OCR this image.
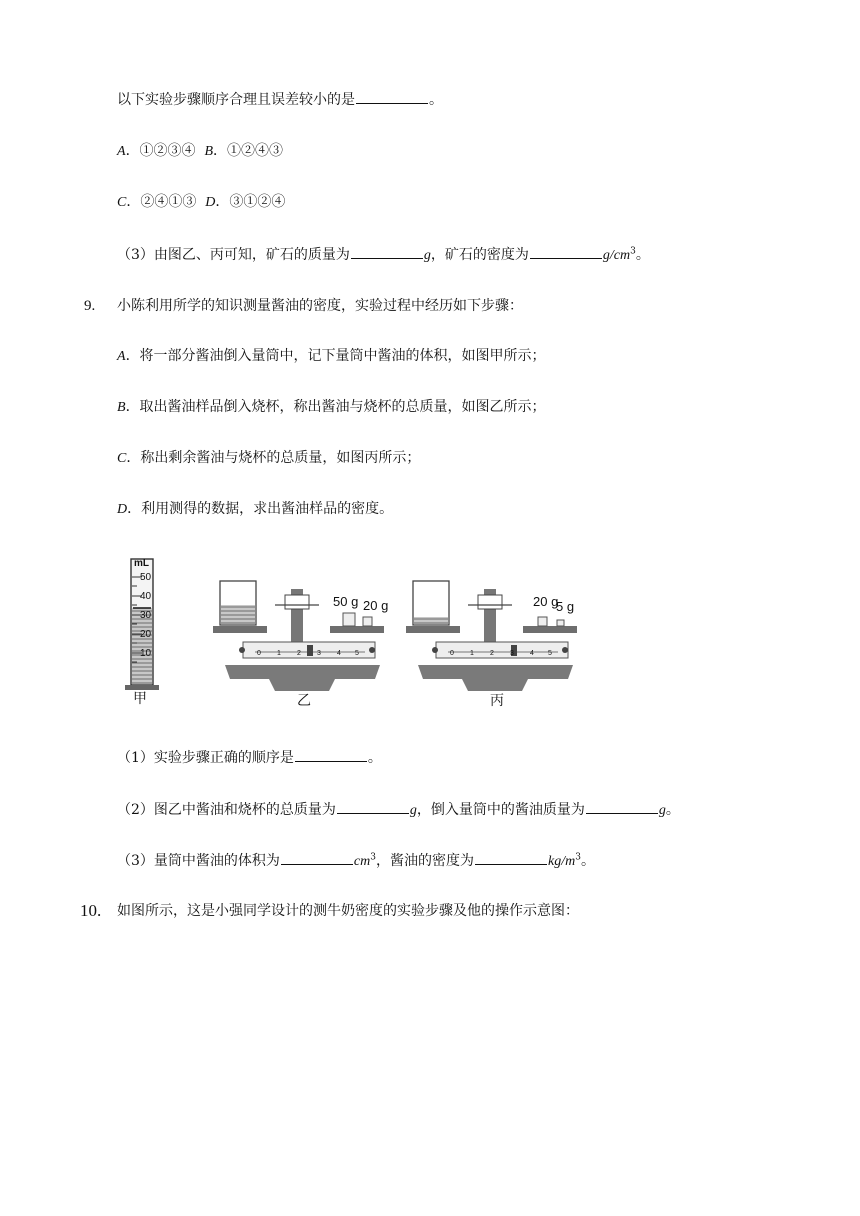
以下实验步骤顺序合理且误差较小的是	。
A．①②③④ B．①②④③
C．②④①③ D．③①②④
（3）由图乙、丙可知，矿石的质量为	g，矿石的密度为	$g/cm^3$。
9. 小陈利用所学的知识测量酱油的密度，实验过程中经历如下步骤：
A．将一部分酱油倒入量筒中，记下量筒中酱油的体积，如图甲所示；
B．取出酱油样品倒入烧杯，称出酱油与烧杯的总质量，如图乙所示；
C．称出剩余酱油与烧杯的总质量，如图丙所示；
D．利用测得的数据，求出酱油样品的密度。
mL
50
40
30
20
10
甲
50 g 20 g
0 1 2 3 4 5
乙
20 g
5 g
0 1 2 3 4 5
丙
（1）实验步骤正确的顺序是	。
（2）图乙中酱油和烧杯的总质量为	g，倒入量筒中的酱油质量为	g。
（3）量筒中酱油的体积为	$cm^3$，酱油的密度为	$kg/m^3$。
10. 如图所示，这是小强同学设计的测牛奶密度的实验步骤及他的操作示意图：
